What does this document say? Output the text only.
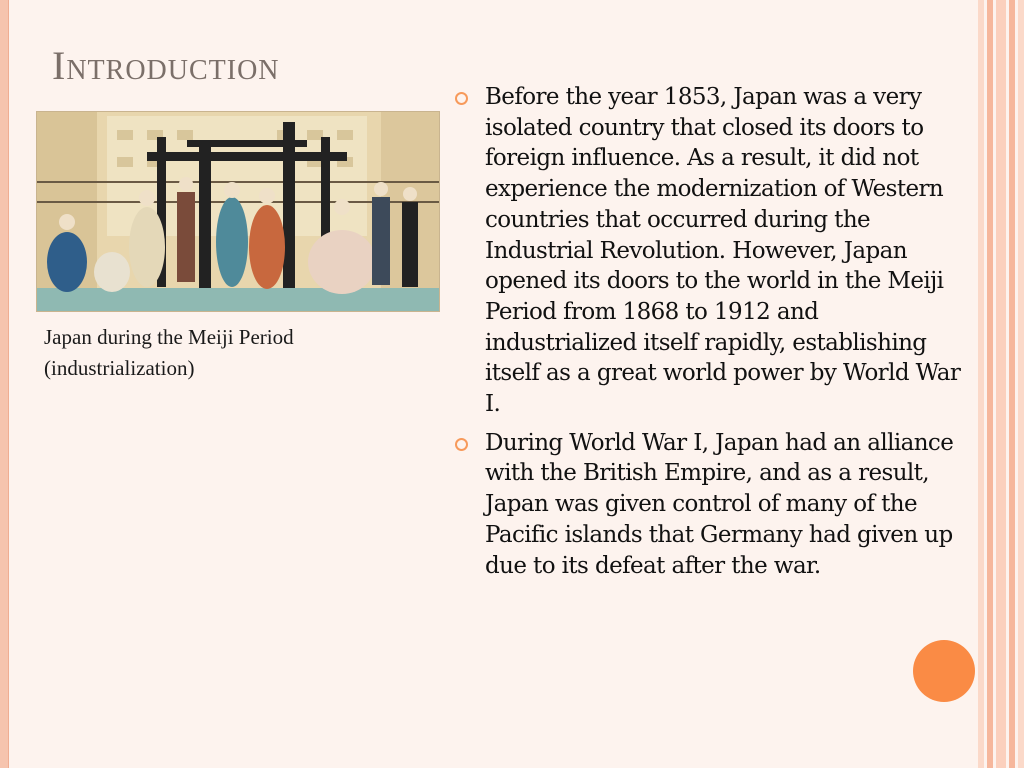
Introduction
Japan during the Meiji Period
(industrialization)
Before the year 1853, Japan was a very isolated country that closed its doors to foreign influence. As a result, it did not experience the modernization of Western countries that occurred during the Industrial Revolution. However, Japan opened its doors to the world in the Meiji Period from 1868 to 1912 and industrialized itself rapidly, establishing itself as a great world power by World War I.
During World War I, Japan had an alliance with the British Empire, and as a result, Japan was given control of many of the Pacific islands that Germany had given up due to its defeat after the war.
